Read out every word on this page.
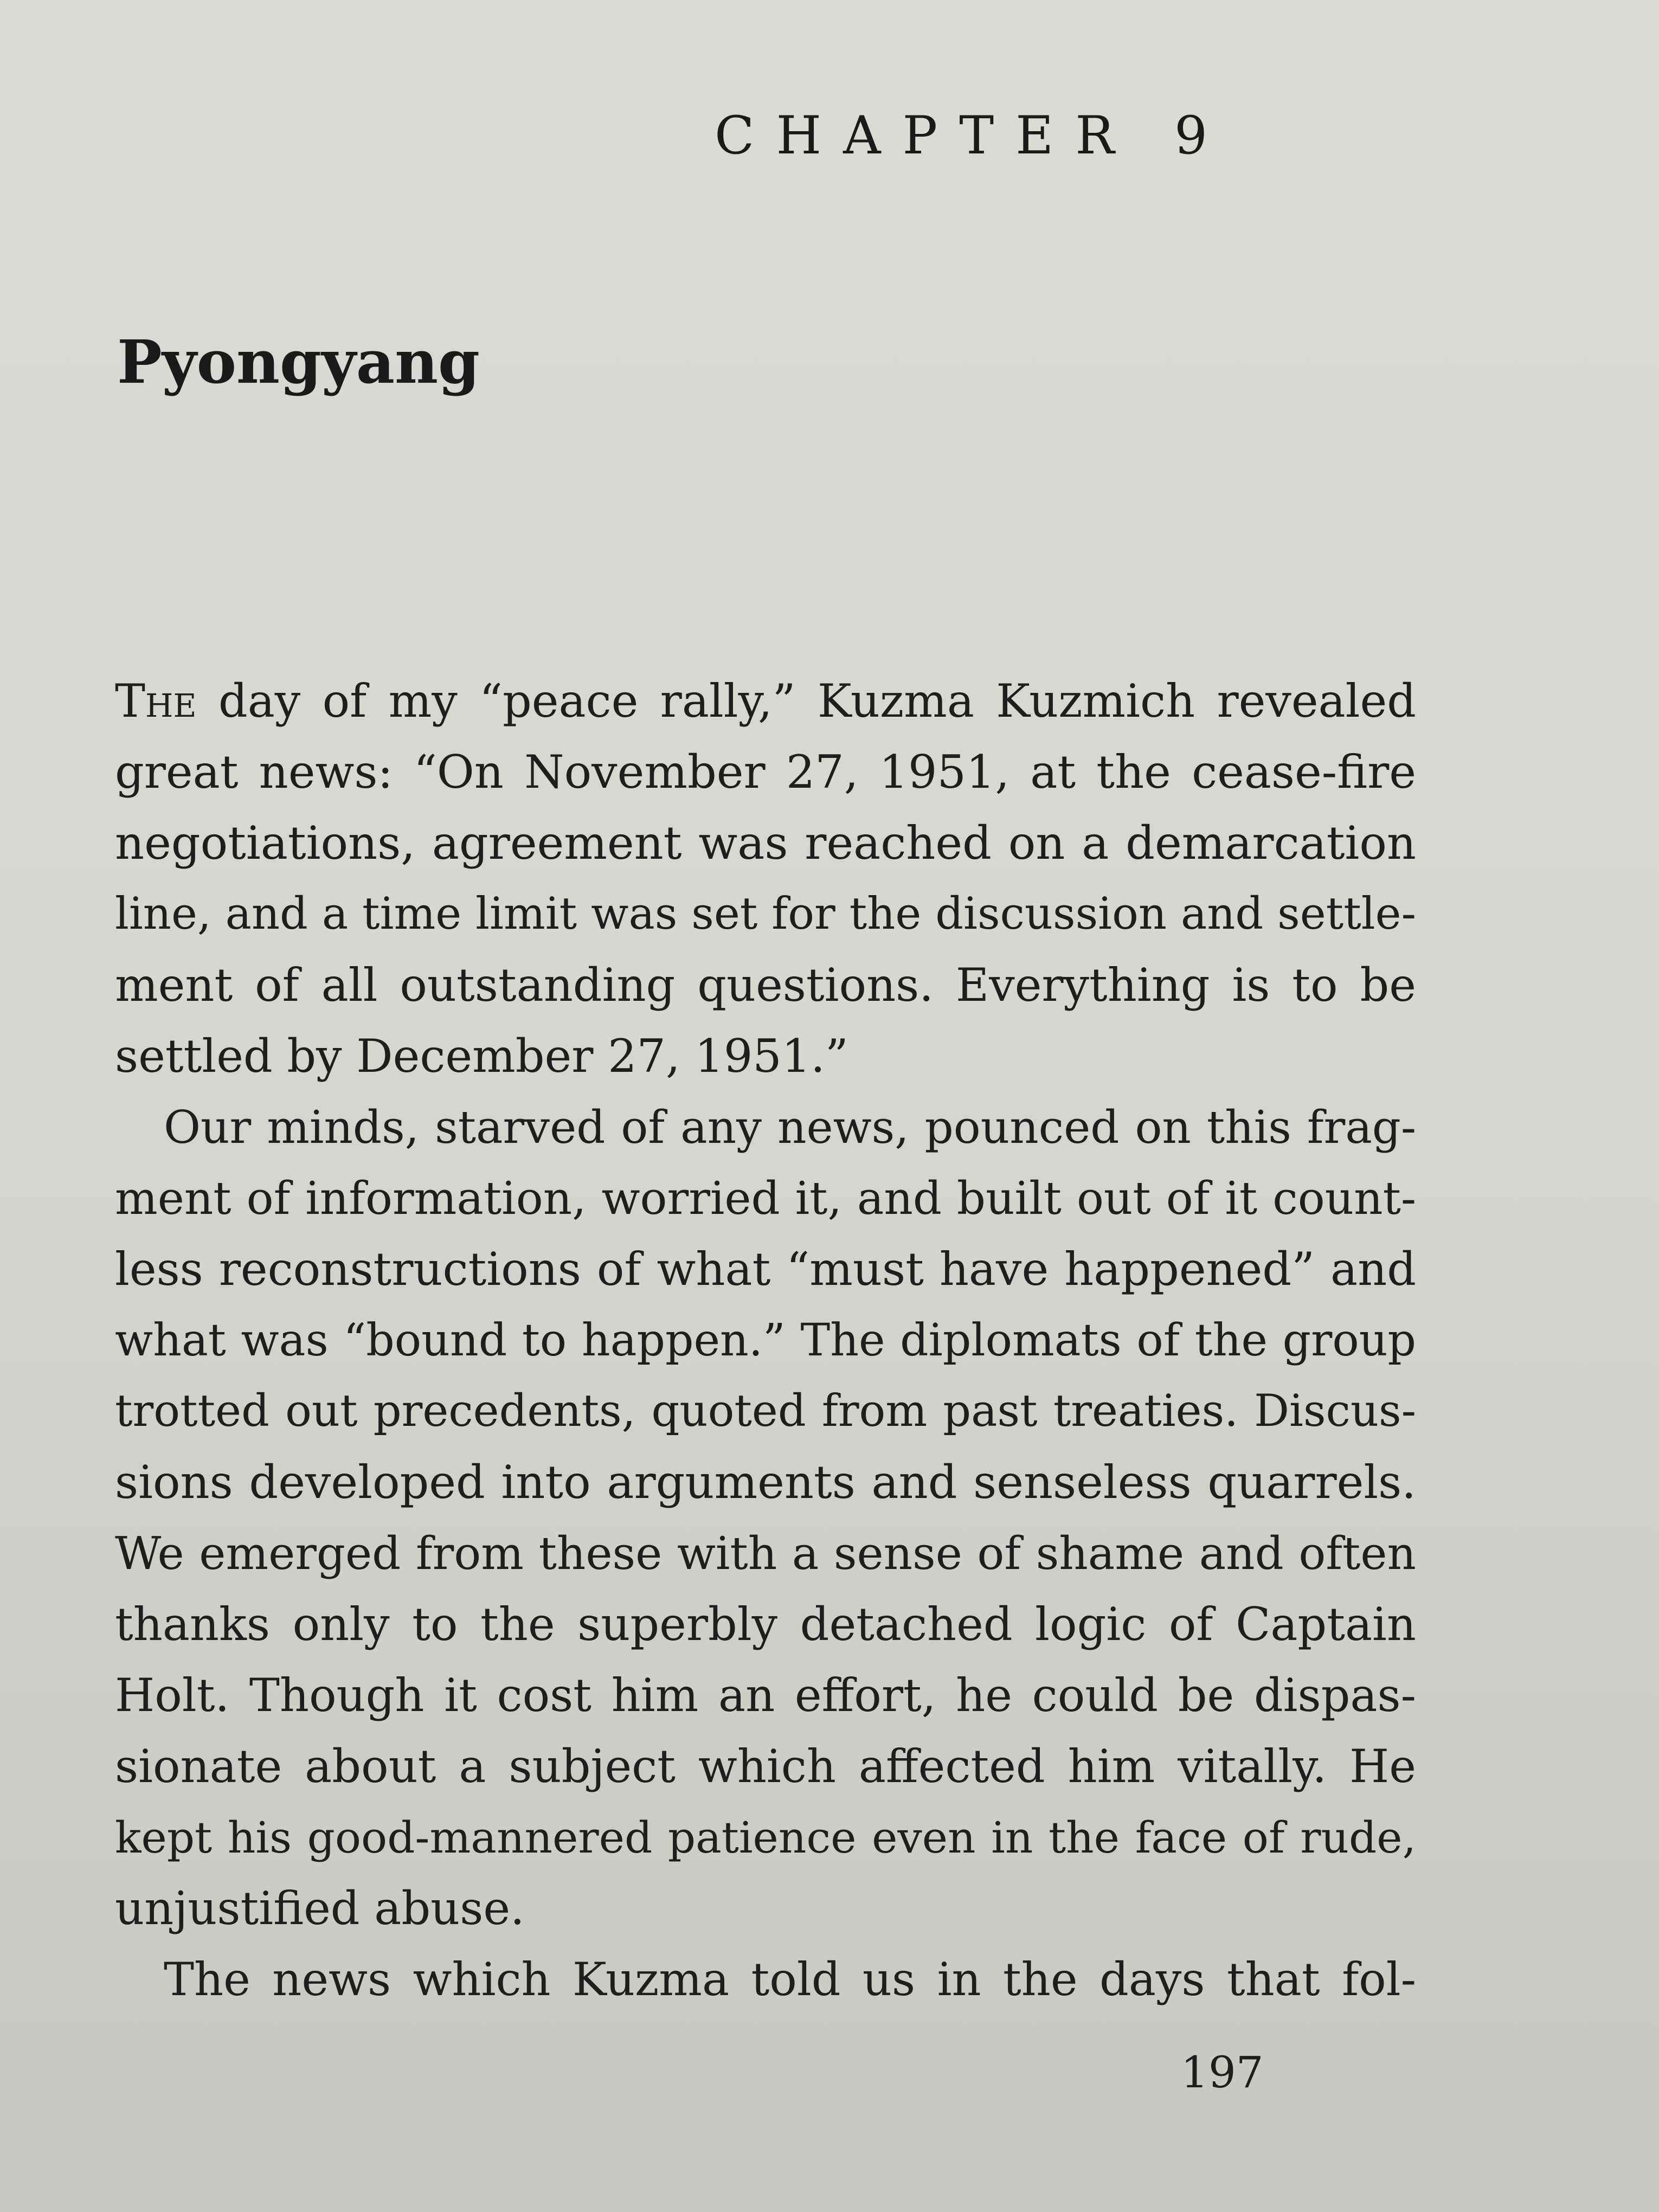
CHAPTER 9
Pyongyang
The day of my “peace rally,” Kuzma Kuzmich revealed
great news: “On November 27, 1951, at the cease-fire
negotiations, agreement was reached on a demarcation
line, and a time limit was set for the discussion and settle-
ment of all outstanding questions. Everything is to be
settled by December 27, 1951.”
Our minds, starved of any news, pounced on this frag-
ment of information, worried it, and built out of it count-
less reconstructions of what “must have happened” and
what was “bound to happen.” The diplomats of the group
trotted out precedents, quoted from past treaties. Discus-
sions developed into arguments and senseless quarrels.
We emerged from these with a sense of shame and often
thanks only to the superbly detached logic of Captain
Holt. Though it cost him an effort, he could be dispas-
sionate about a subject which affected him vitally. He
kept his good-mannered patience even in the face of rude,
unjustified abuse.
The news which Kuzma told us in the days that fol-
197
